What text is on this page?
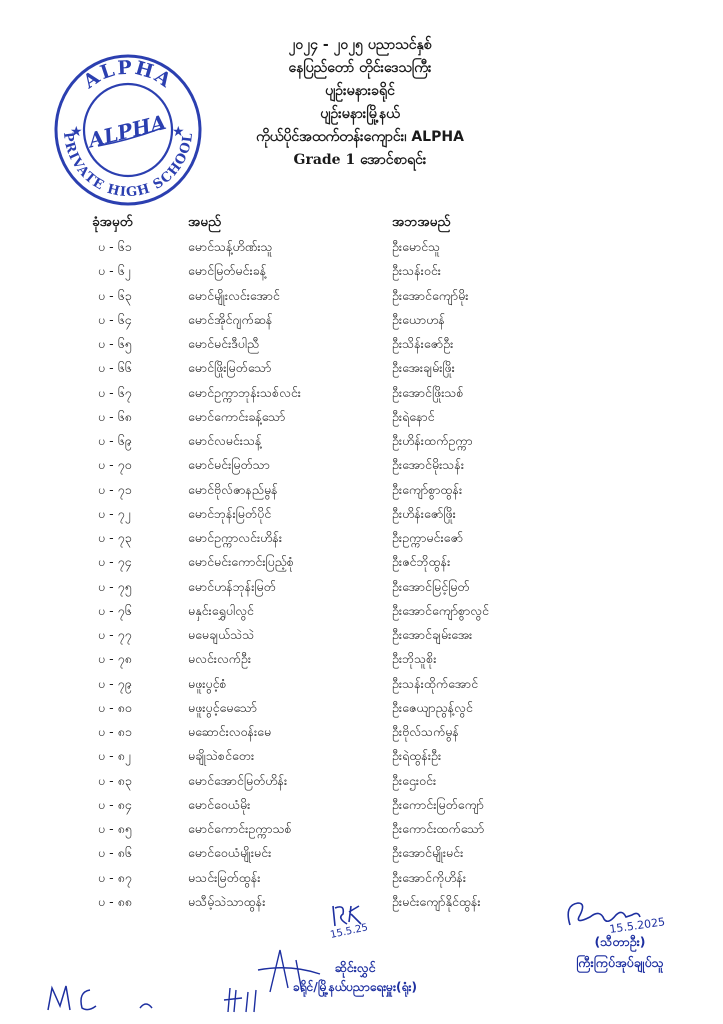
ALPHA
PRIVATE HIGH SCHOOL
★	★
ALPHA
၂၀၂၄ - ၂၀၂၅ ပညာသင်နှစ်
နေပြည်တော် တိုင်းဒေသကြီး
ပျဉ်းမနားခရိုင်
ပျဉ်းမနားမြို့နယ်
ကိုယ်ပိုင်အထက်တန်းကျောင်း၊ ALPHA
Grade 1 အောင်စာရင်း
ခုံအမှတ်	အမည်	အဘအမည်
ပ - ၆၁	မောင်သန့်ဟိဏ်းသူ	ဦးမောင်သူ
ပ - ၆၂	မောင်မြတ်မင်းခန့်	ဦးသန်းဝင်း
ပ - ၆၃	မောင်မျိုးလင်းအောင်	ဦးအောင်ကျော်မိုး
ပ - ၆၄	မောင်အိုင်ဂျက်ဆန်	ဦးယောဟန်
ပ - ၆၅	မောင်မင်းဒီပါညီ	ဦးသိန်းဇော်ဦး
ပ - ၆၆	မောင်ဖြိုးမြတ်သော်	ဦးအေးချမ်းဖြိုး
ပ - ၆၇	မောင်ဥက္ကာဘုန်းသစ်လင်း	ဦးအောင်ဖြိုးသစ်
ပ - ၆၈	မောင်ကောင်းခန့်သော်	ဦးရဲနောင်
ပ - ၆၉	မောင်လမင်းသန့်	ဦးဟိန်းထက်ဥက္ကာ
ပ - ၇၀	မောင်မင်းမြတ်သာ	ဦးအောင်မိုးသန်း
ပ - ၇၁	မောင်ဗိုလ်ဇာနည်မွန်	ဦးကျော်စွာထွန်း
ပ - ၇၂	မောင်ဘုန်းမြတ်ပိုင်	ဦးဟိန်းဇော်ဖြိုး
ပ - ၇၃	မောင်ဥက္ကာလင်းဟိန်း	ဦးဥက္ကာမင်းဇော်
ပ - ၇၄	မောင်မင်းကောင်းပြည့်စုံ	ဦးဇင်ဘိုထွန်း
ပ - ၇၅	မောင်ဟန်ဘုန်းမြတ်	ဦးအောင်မြင့်မြတ်
ပ - ၇၆	မနှင်းရွှေပါလွင်	ဦးအောင်ကျော်စွာလွင်
ပ - ၇၇	မမေချယ်သဲသဲ	ဦးအောင်ချမ်းအေး
ပ - ၇၈	မလင်းလက်ဦး	ဦးဘိုသူစိုး
ပ - ၇၉	မဖူးပွင့်စံ	ဦးသန်းထိုက်အောင်
ပ - ၈၀	မဖူးပွင့်မေသော်	ဦးဇေယျာညွန့်လွင်
ပ - ၈၁	မဆောင်းလဝန်းမေ	ဦးဗိုလ်သက်မွန်
ပ - ၈၂	မချိုသဲစင်တေး	ဦးရဲထွန်းဦး
ပ - ၈၃	မောင်အောင်မြတ်ဟိန်း	ဦးဌေးဝင်း
ပ - ၈၄	မောင်ဝေယံမိုး	ဦးကောင်းမြတ်ကျော်
ပ - ၈၅	မောင်ကောင်းဥက္ကာသစ်	ဦးကောင်းထက်သော်
ပ - ၈၆	မောင်ဝေယံမျိုးမင်း	ဦးအောင်မျိုးမင်း
ပ - ၈၇	မသင်းမြတ်ထွန်း	ဦးအောင်ကိုဟိန်း
ပ - ၈၈	မသီမ့်သဲသာထွန်း	ဦးမင်းကျော်နိုင်ထွန်း
15.5.25	15.5.2025
(သီတာဦး)
ကြီးကြပ်အုပ်ချုပ်သူ
ဆိုင်းလွှင်
ခရိုင်/မြို့နယ်ပညာရေးမှူး(ရုံး)
